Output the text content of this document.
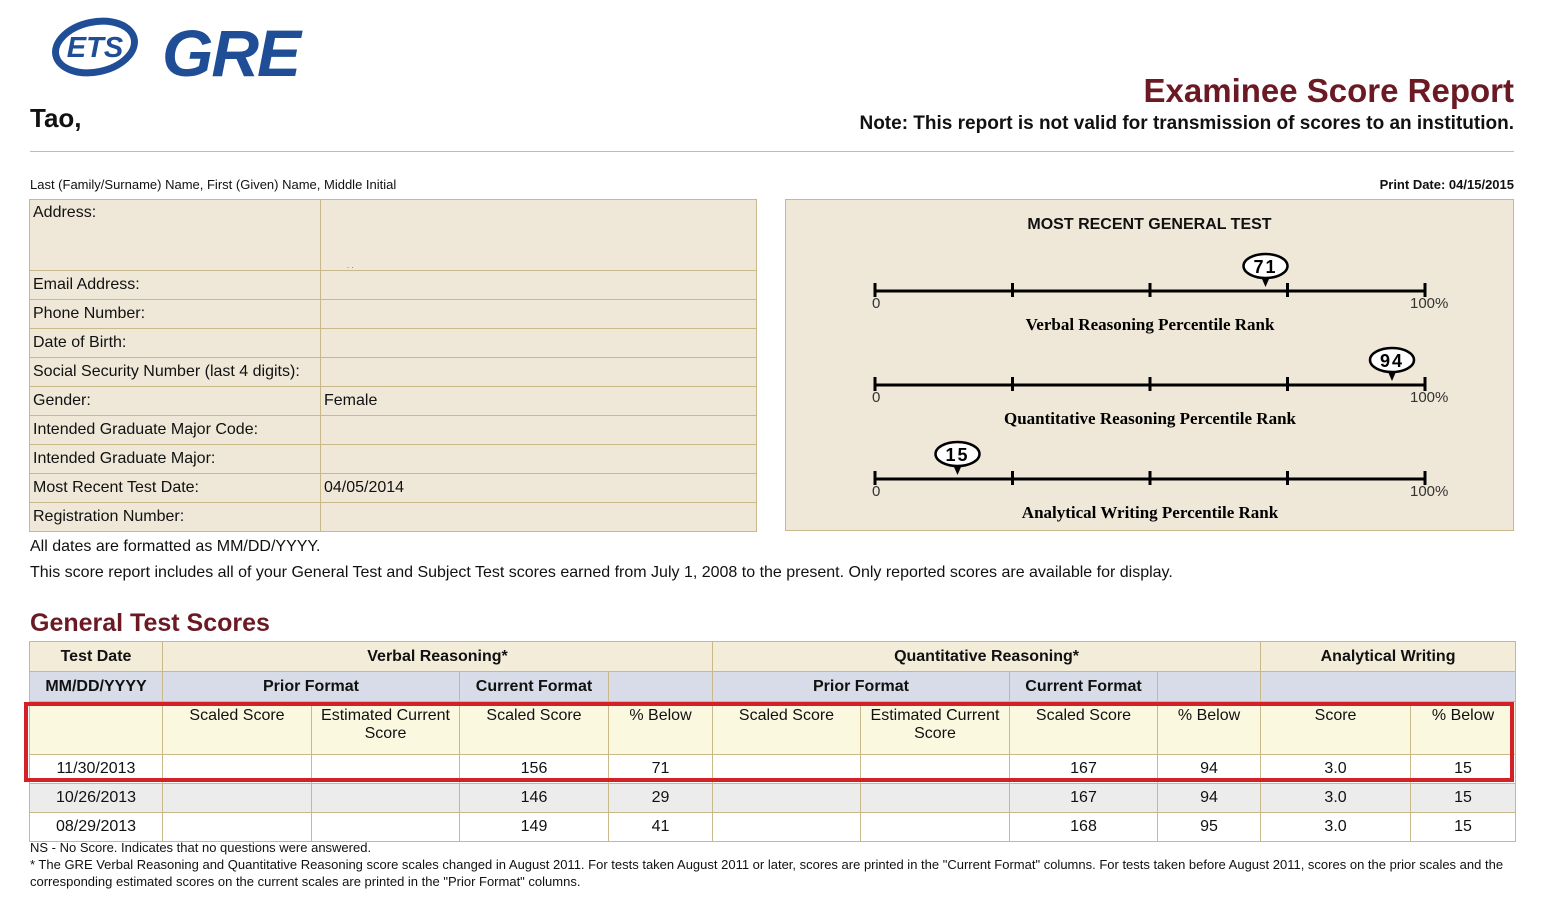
ETS GRE
Tao,
Examinee Score Report
Note: This report is not valid for transmission of scores to an institution.
Last (Family/Surname) Name, First (Given) Name, Middle Initial	Print Date: 04/15/2015
Address:	. .
Email Address:	
Phone Number:	
Date of Birth:	
Social Security Number (last 4 digits):	
Gender:	Female
Intended Graduate Major Code:	
Intended Graduate Major:	
Most Recent Test Date:	04/05/2014
Registration Number:	
MOST RECENT GENERAL TEST
0	100%
Verbal Reasoning Percentile Rank
71
0	100%
Quantitative Reasoning Percentile Rank
94
0	100%
Analytical Writing Percentile Rank
15
All dates are formatted as MM/DD/YYYY.
This score report includes all of your General Test and Subject Test scores earned from July 1, 2008 to the present. Only reported scores are available for display.
General Test Scores
Test Date	Verbal Reasoning*				Quantitative Reasoning*				Analytical Writing	
MM/DD/YYYY	Prior Format		Current Format		Prior Format		Current Format			
	Scaled Score	Estimated Current Score	Scaled Score	% Below	Scaled Score	Estimated Current Score	Scaled Score	% Below	Score	% Below
11/30/2013			156	71			167	94	3.0	15
10/26/2013			146	29			167	94	3.0	15
08/29/2013			149	41			168	95	3.0	15
NS - No Score. Indicates that no questions were answered.
* The GRE Verbal Reasoning and Quantitative Reasoning score scales changed in August 2011. For tests taken August 2011 or later, scores are printed in the "Current Format" columns. For tests taken before August 2011, scores on the prior scales and the corresponding estimated scores on the current scales are printed in the "Prior Format" columns.
